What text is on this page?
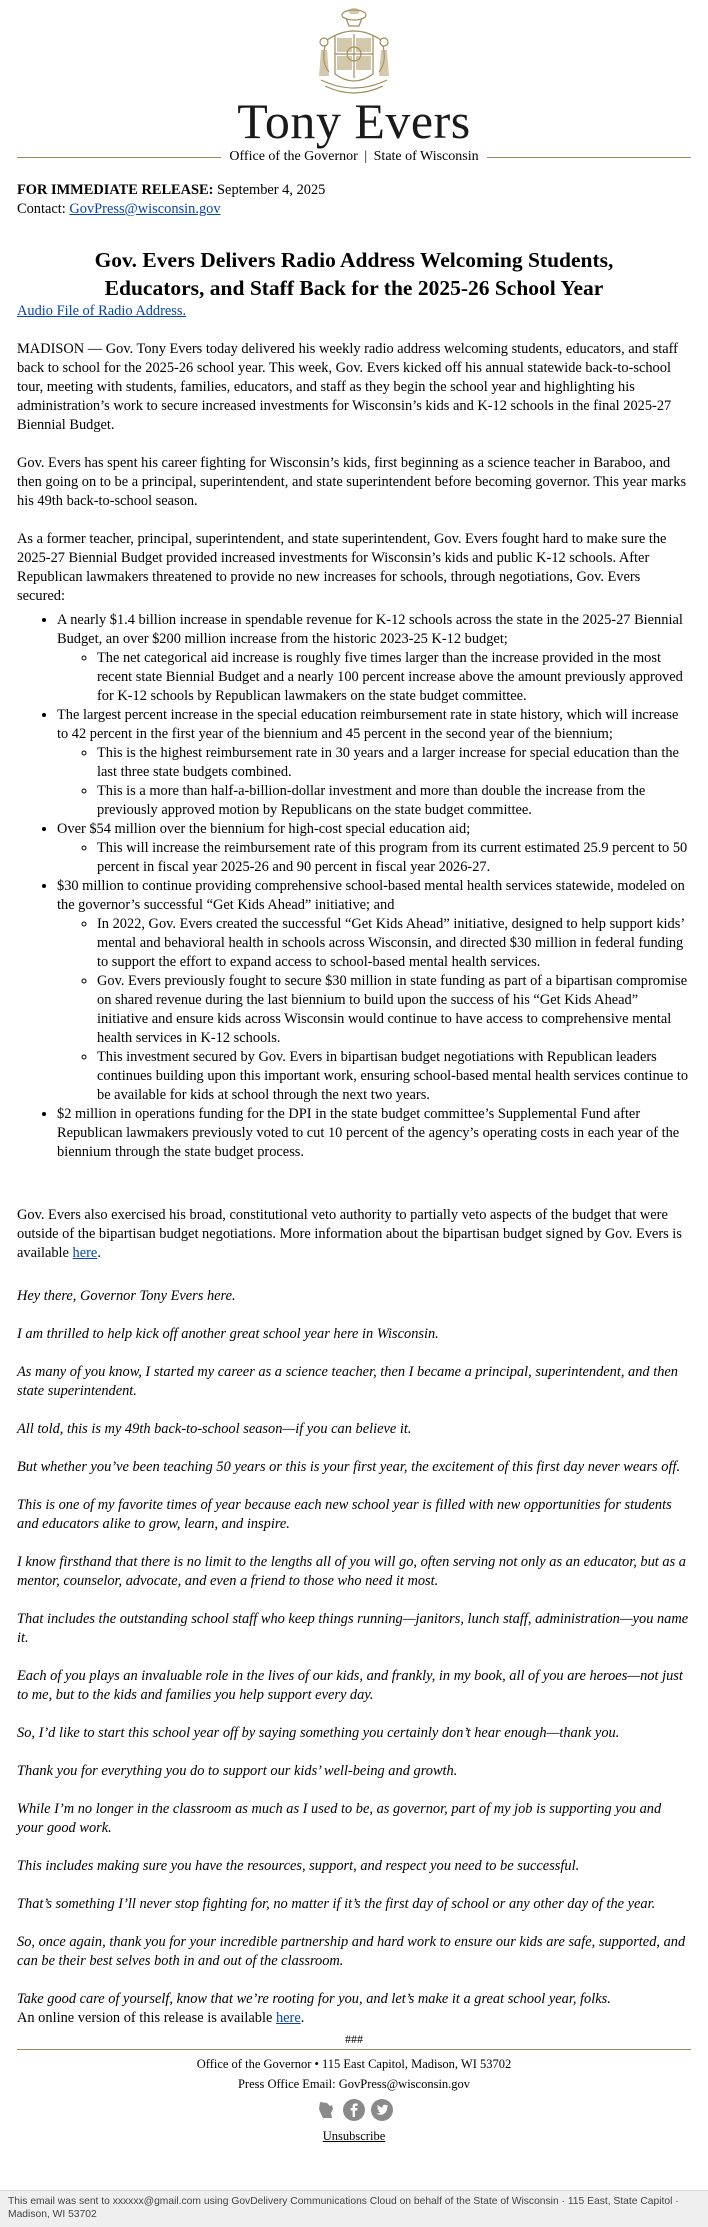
Tony Evers
Office of the Governor | State of Wisconsin
FOR IMMEDIATE RELEASE: September 4, 2025
Contact: GovPress@wisconsin.gov
Gov. Evers Delivers Radio Address Welcoming Students, Educators, and Staff Back for the 2025-26 School Year

Audio File of Radio Address.

MADISON — Gov. Tony Evers today delivered his weekly radio address welcoming students, educators, and staff back to school for the 2025-26 school year. This week, Gov. Evers kicked off his annual statewide back-to-school tour, meeting with students, families, educators, and staff as they begin the school year and highlighting his administration’s work to secure increased investments for Wisconsin’s kids and K-12 schools in the final 2025-27 Biennial Budget.

Gov. Evers has spent his career fighting for Wisconsin’s kids, first beginning as a science teacher in Baraboo, and then going on to be a principal, superintendent, and state superintendent before becoming governor. This year marks his 49th back-to-school season.

As a former teacher, principal, superintendent, and state superintendent, Gov. Evers fought hard to make sure the 2025-27 Biennial Budget provided increased investments for Wisconsin’s kids and public K-12 schools. After Republican lawmakers threatened to provide no new increases for schools, through negotiations, Gov. Evers secured:

• A nearly $1.4 billion increase in spendable revenue for K-12 schools across the state in the 2025-27 Biennial Budget, an over $200 million increase from the historic 2023-25 K-12 budget;
◦ The net categorical aid increase is roughly five times larger than the increase provided in the most recent state Biennial Budget and a nearly 100 percent increase above the amount previously approved for K-12 schools by Republican lawmakers on the state budget committee.
• The largest percent increase in the special education reimbursement rate in state history, which will increase to 42 percent in the first year of the biennium and 45 percent in the second year of the biennium;
◦ This is the highest reimbursement rate in 30 years and a larger increase for special education than the last three state budgets combined.
◦ This is a more than half-a-billion-dollar investment and more than double the increase from the previously approved motion by Republicans on the state budget committee.
• Over $54 million over the biennium for high-cost special education aid;
◦ This will increase the reimbursement rate of this program from its current estimated 25.9 percent to 50 percent in fiscal year 2025-26 and 90 percent in fiscal year 2026-27.
• $30 million to continue providing comprehensive school-based mental health services statewide, modeled on the governor’s successful “Get Kids Ahead” initiative; and
◦ In 2022, Gov. Evers created the successful “Get Kids Ahead” initiative, designed to help support kids’ mental and behavioral health in schools across Wisconsin, and directed $30 million in federal funding to support the effort to expand access to school-based mental health services.
◦ Gov. Evers previously fought to secure $30 million in state funding as part of a bipartisan compromise on shared revenue during the last biennium to build upon the success of his “Get Kids Ahead” initiative and ensure kids across Wisconsin would continue to have access to comprehensive mental health services in K-12 schools.
◦ This investment secured by Gov. Evers in bipartisan budget negotiations with Republican leaders continues building upon this important work, ensuring school-based mental health services continue to be available for kids at school through the next two years.
• $2 million in operations funding for the DPI in the state budget committee’s Supplemental Fund after Republican lawmakers previously voted to cut 10 percent of the agency’s operating costs in each year of the biennium through the state budget process.

Gov. Evers also exercised his broad, constitutional veto authority to partially veto aspects of the budget that were outside of the bipartisan budget negotiations. More information about the bipartisan budget signed by Gov. Evers is available here.

Hey there, Governor Tony Evers here.

I am thrilled to help kick off another great school year here in Wisconsin.

As many of you know, I started my career as a science teacher, then I became a principal, superintendent, and then state superintendent.

All told, this is my 49th back-to-school season—if you can believe it.

But whether you’ve been teaching 50 years or this is your first year, the excitement of this first day never wears off.

This is one of my favorite times of year because each new school year is filled with new opportunities for students and educators alike to grow, learn, and inspire.

I know firsthand that there is no limit to the lengths all of you will go, often serving not only as an educator, but as a mentor, counselor, advocate, and even a friend to those who need it most.

That includes the outstanding school staff who keep things running—janitors, lunch staff, administration—you name it.

Each of you plays an invaluable role in the lives of our kids, and frankly, in my book, all of you are heroes—not just to me, but to the kids and families you help support every day.

So, I’d like to start this school year off by saying something you certainly don’t hear enough—thank you.

Thank you for everything you do to support our kids’ well-being and growth.

While I’m no longer in the classroom as much as I used to be, as governor, part of my job is supporting you and your good work.

This includes making sure you have the resources, support, and respect you need to be successful.

That’s something I’ll never stop fighting for, no matter if it’s the first day of school or any other day of the year.

So, once again, thank you for your incredible partnership and hard work to ensure our kids are safe, supported, and can be their best selves both in and out of the classroom.

Take good care of yourself, know that we’re rooting for you, and let’s make it a great school year, folks.

An online version of this release is available here.

###
Office of the Governor • 115 East Capitol, Madison, WI 53702
Press Office Email: GovPress@wisconsin.gov
Unsubscribe
This email was sent to xxxxxx@gmail.com using GovDelivery Communications Cloud on behalf of the State of Wisconsin · 115 East, State Capitol · Madison, WI 53702
